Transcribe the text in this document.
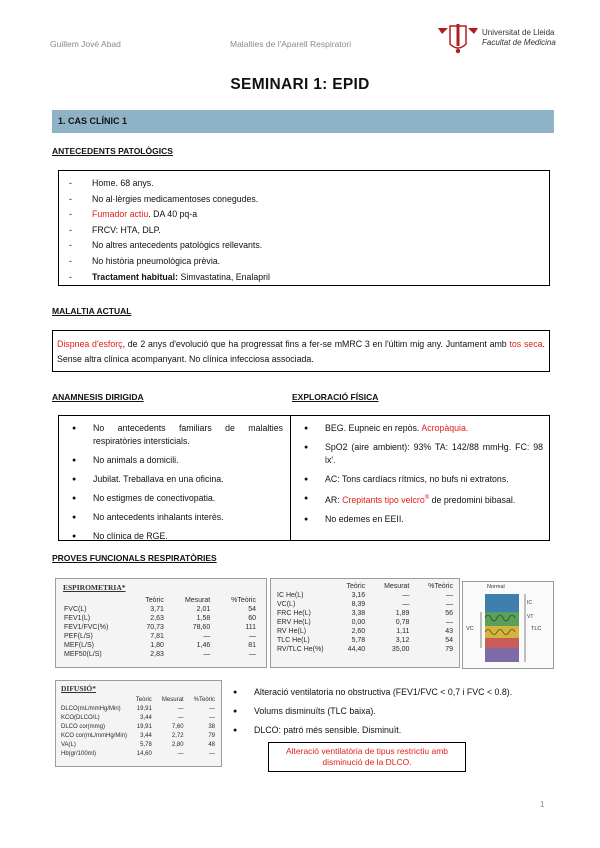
Guillem Jové Abad	Malalties de l'Aparell Respiratori
Universitat de Lleida
Facultat de Medicina
SEMINARI 1: EPID
1. CAS CLÍNIC 1
ANTECEDENTS PATOLÒGICS
- Home. 68 anys.
- No al·lèrgies medicamentoses conegudes.
- Fumador actiu. DA 40 pq-a
- FRCV: HTA, DLP.
- No altres antecedents patològics rellevants.
- No història pneumològica prèvia.
- Tractament habitual: Simvastatina, Enalapril
MALALTIA ACTUAL
Dispnea d'esforç, de 2 anys d'evolució que ha progressat fins a fer-se mMRC 3 en l'últim mig any. Juntament amb tos seca. Sense altra clínica acompanyant. No clínica infecciosa associada.
ANAMNESIS DIRIGIDA	EXPLORACIÓ FÍSICA
● No antecedents familiars de malalties respiratòries intersticials.
● No animals a domicili.
● Jubilat. Treballava en una oficina.
● No estigmes de conectivopatia.
● No antecedents inhalants interès.
● No clínica de RGE.
● BEG. Eupneic en repòs. Acropàquia.
● SpO2 (aire ambient): 93% TA: 142/88 mmHg. FC: 98 lx'.
● AC: Tons cardíacs rítmics, no bufs ni extratons.
● AR: Crepitants tipo velcro® de predomini bibasal.
● No edemes en EEII.
PROVES FUNCIONALS RESPIRATÒRIES
ESPIROMETRIA*
	Teòric	Mesurat	%Teòric
FVC(L)	3,71	2,01	54
FEV1(L)	2,63	1,58	60
FEV1/FVC(%)	70,73	78,60	111
PEF(L/S)	7,81	—	—
MEF(L/S)	1,80	1,46	81
MEF50(L/S)	2,83	—	—
	Teòric	Mesurat	%Teòric
IC He(L)	3,16	—	—
VC(L)	8,39	—	—
FRC He(L)	3,38	1,89	56
ERV He(L)	0,00	0,78	—
RV He(L)	2,60	1,11	43
TLC He(L)	5,78	3,12	54
RV/TLC He(%)	44,40	35,00	79
Normal
VC	TLC
IC
VT
DIFUSIÓ*
	Teòric	Mesurat	%Teòric
DLCO(mL/mmHg/Min)	19,91	—	—
KCO(DLCO/L)	3,44	—	—
DLCO cor(mmg)	19,91	7,60	38
KCO cor(mL/mmHg/Min)	3,44	2,72	79
VA(L)	5,78	2,80	48
Hb(gr/100ml)	14,60	—	—
● Alteració ventilatoria no obstructiva (FEV1/FVC < 0,7 i FVC < 0.8).
● Volums disminuïts (TLC baixa).
● DLCO: patró més sensible. Disminuït.
Alteració ventilatòria de tipus restrictiu amb disminució de la DLCO.
1
